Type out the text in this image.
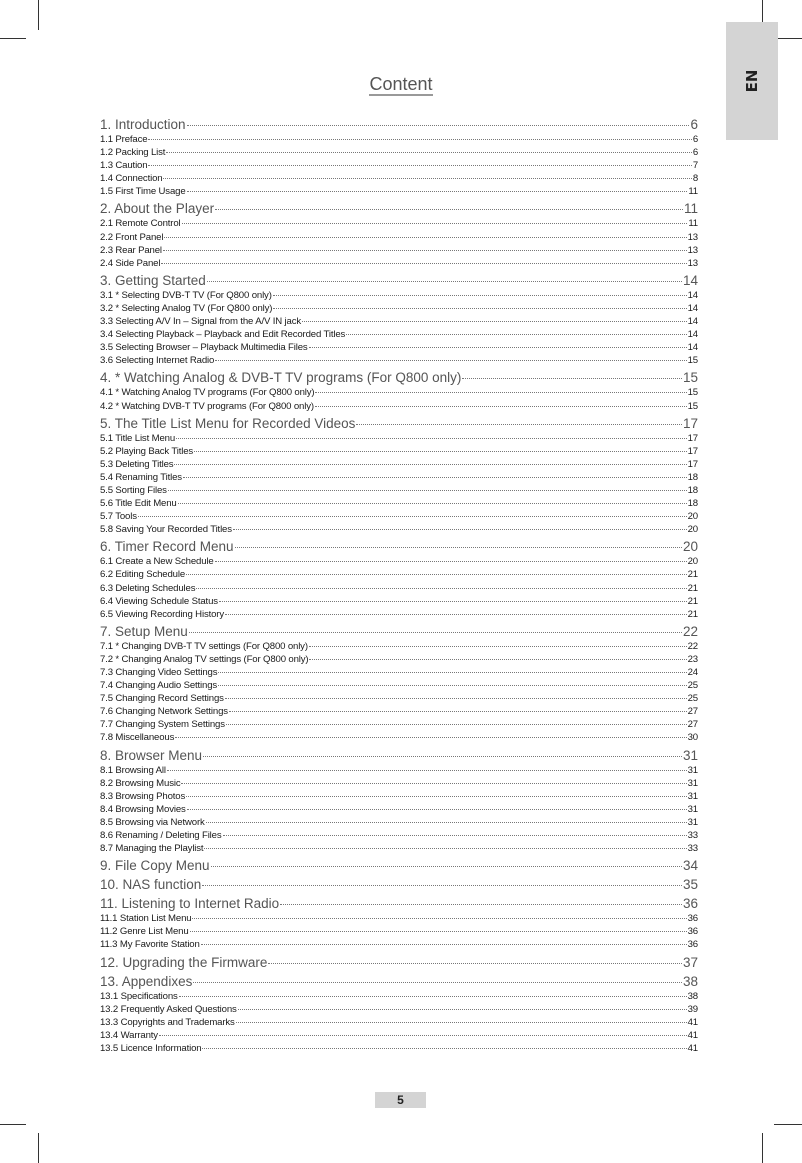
EN
Content
1. Introduction	6
1.1 Preface	6
1.2 Packing List	6
1.3 Caution	7
1.4 Connection	8
1.5 First Time Usage	11
2. About the Player	11
2.1 Remote Control	11
2.2 Front Panel	13
2.3 Rear Panel	13
2.4 Side Panel	13
3. Getting Started	14
3.1 * Selecting DVB-T TV (For Q800 only)	14
3.2 * Selecting Analog TV (For Q800 only)	14
3.3 Selecting A/V In – Signal from the A/V IN jack	14
3.4 Selecting Playback – Playback and Edit Recorded Titles	14
3.5 Selecting Browser – Playback Multimedia Files	14
3.6 Selecting Internet Radio	15
4. * Watching Analog & DVB-T TV programs (For Q800 only)	15
4.1 * Watching Analog TV programs (For Q800 only)	15
4.2 * Watching DVB-T TV programs (For Q800 only)	15
5. The Title List Menu for Recorded Videos	17
5.1 Title List Menu	17
5.2 Playing Back Titles	17
5.3 Deleting Titles	17
5.4 Renaming Titles	18
5.5 Sorting Files	18
5.6 Title Edit Menu	18
5.7 Tools	20
5.8 Saving Your Recorded Titles	20
6. Timer Record Menu	20
6.1 Create a New Schedule	20
6.2 Editing Schedule	21
6.3 Deleting Schedules	21
6.4 Viewing Schedule Status	21
6.5 Viewing Recording History	21
7. Setup Menu	22
7.1 * Changing DVB-T TV settings (For Q800 only)	22
7.2 * Changing Analog TV settings (For Q800 only)	23
7.3 Changing Video Settings	24
7.4 Changing Audio Settings	25
7.5 Changing Record Settings	25
7.6 Changing Network Settings	27
7.7 Changing System Settings	27
7.8 Miscellaneous	30
8. Browser Menu	31
8.1 Browsing All	31
8.2 Browsing Music	31
8.3 Browsing Photos	31
8.4 Browsing Movies	31
8.5 Browsing via Network	31
8.6 Renaming / Deleting Files	33
8.7 Managing the Playlist	33
9. File Copy Menu	34
10. NAS function	35
11. Listening to Internet Radio	36
11.1 Station List Menu	36
11.2 Genre List Menu	36
11.3 My Favorite Station	36
12. Upgrading the Firmware	37
13. Appendixes	38
13.1 Specifications	38
13.2 Frequently Asked Questions	39
13.3 Copyrights and Trademarks	41
13.4 Warranty	41
13.5 Licence Information	41
5
